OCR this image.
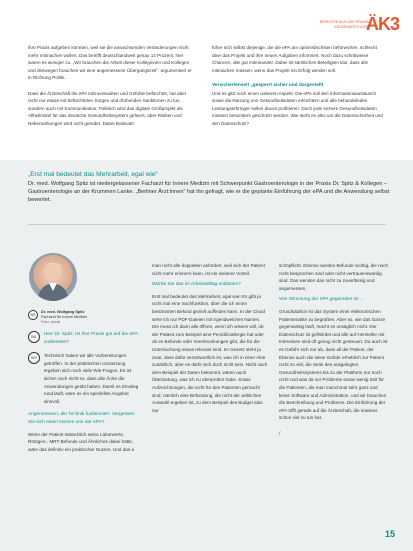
BERICHTE AUS DER PRAXIS
KASSENÄRZTLICHE
ÄK3

ihre Praxis aufgeben könnten, weil sie die anwachsenden Veränderungen nicht mehr mitmachen wollen. Das betrifft deutschlandweit genau 14 Prozent, hier waren es weniger zu. „Wir brauchen die Arbeit dieser Kolleginnen und Kollegen und deswegen brauchen wir eine angemessene Übergangszeit“, argumentiert er in Richtung Politik.

Dass die Ärzteschaft die ePA mitzuverwalten und Gefühle befürchtet, hat aber nicht nur etwas mit befürchteten Sorgen und drohenden Sanktionen zu tun, sondern auch mit Kommunikation. Politisch wird das digitale Großprojekt als Allheilmittel für das deutsche Gesundheitssystem gefeiert, aber Risiken und Nebenwirkungen wird nicht geredet. Dabei bedeutet

führe sich selbst diejenige, die die ePA am optimistischsten befürworten, schlecht über das Projekt und ihre neuen Aufgaben informiert. Noch dazu schrittweise Chancen, alle gut miteinander. Dabei ist sämtliches Beteiligten klar, dass alle mitmachen müssen, wenn das Projekt ein Erfolg werden soll.

Versichertenseit „gesperrt sicher und dargestellt

Und es gibt noch einen weiteren Aspekt: Die ePA soll den Informationsaustausch sowie die Nutzung von Gesundheitsdaten erleichtern und alle behandelnden Leistungserbringer sollen davon profitieren. Doch jede sichere Gesundheitsdaten müssen besonders geschützt werden. Wie steht es also um die Datensicherheit und den Datenschutz?

„Erst mal bedeutet das Mehrarbeit, egal wie“
Dr. med. Wolfgang Spitz ist niedergelassener Facharzt für Innere Medizin mit Schwerpunkt Gastroenterologie in der Praxis Dr. Spitz & Kollegen – Gastroenterologie an der Krummen Lanke. „Berliner Ärzt:innen“ hat ihn gefragt, wie er die geplante Einführung der ePA und die Anwendung selbst bewertet.
WS
Dr. med. Wolfgang Spitz
Facharzt für Innere Medizin
Foto: privat
BÄ	Herr Dr. Spitz, ist Ihre Praxis gut auf die ePA vorbereitet?
WS	Technisch haben wir alle Vorbereitungen getroffen. In der praktischen Umsetzung ergeben sich noch viele Wie-Fragen. Es ist sicher noch nicht so, dass alle Ärzte die Anwendungen geübt haben. Damit es Einstieg rund läuft, wäre so ein spezielles Angebot sinnvoll.
Angenommen, die Technik funktioniert. Vergessen Sie sich einen Nutzen von der ePA?
Wenn der Patient tatsächlich seine Laborwerte, Röntgen-, MRT-Befunde und Ähnliches dabei hätte, wäre das definitiv ein praktischer Nutzen. Und das a
man nicht alle doppelten anfordert, weil sich der Patient nicht mehr erinnern kann, ist ein weiterer Vorteil.
Würde Sie das im Arbeitsalltag entlasten?
Erst mal bedeutet das Mehrarbeit, egal wie! Es gibt ja nicht mal eine Suchfunktion, über die ich einen bestimmten Befund gezielt auffinden kann. In der Cloud sehe ich nur PDF-Dateien mit irgendwelchen Namen. Die muss ich dann alle öffnen, wenn ich wissen will, ob der Patient zum Beispiel eine Penicillinallergie hat oder ob es Befunde oder Vorerkrankungen gibt, die für die Untersuchung etwas relevant sind. Im Gesetz steht ja zwar, dass dafür verantwortlich ist, was ich in einer Akte zusätzlich, aber es dürfe sich doch nicht sein. Nicht nach dem Beispiel der Daten bekommt, wären auch Überlastung, was ich zu überprüfen habe. Sowie Aufzeichnungen, die nicht für den Patienten gemacht sind, nämlich eine Befundung, die nicht der wirklichen Auswahl ergeben ist, zu dem Beispiel des Budget also nur
schöpflicht. Ebenso werden Befunde nichtig, die noch nicht besprochen sind oder nicht vertrauenswürdig sind. Das wenden das nicht zu zuverlässig und angemessen.
Wie Stimmung der ePA gegenüber ist …
Grundsätzlich ist das System einer elektronischen Patientenakte zu begrüßen. Aber so, wie das Ganze gegenwärtig läuft, macht es unsäglich nicht. Der Datenschutz ist gefährdet und alle auf Hersteller mit Interessen sind oft genug nicht gesteuert. Da auch ist es Gefahr sich nur ab, dass all der Patient, der Ebenso auch die seine Gefahr erheblich zur Patient nicht zu viel, die Seite des ausgelegten Gesundheitssystems bis zu der Plattform nur noch nicht und was da vor Probleme sowie wenig Zeit für die Patienten, die man manchmal sehr ganz und keine Software und Administration, und wir brauchen die Beschreibung und Probleme. Die Einführung der ePA trifft gerade auf die Ärzteschaft, die sowieso schon viel zu tun hat.
/
15
